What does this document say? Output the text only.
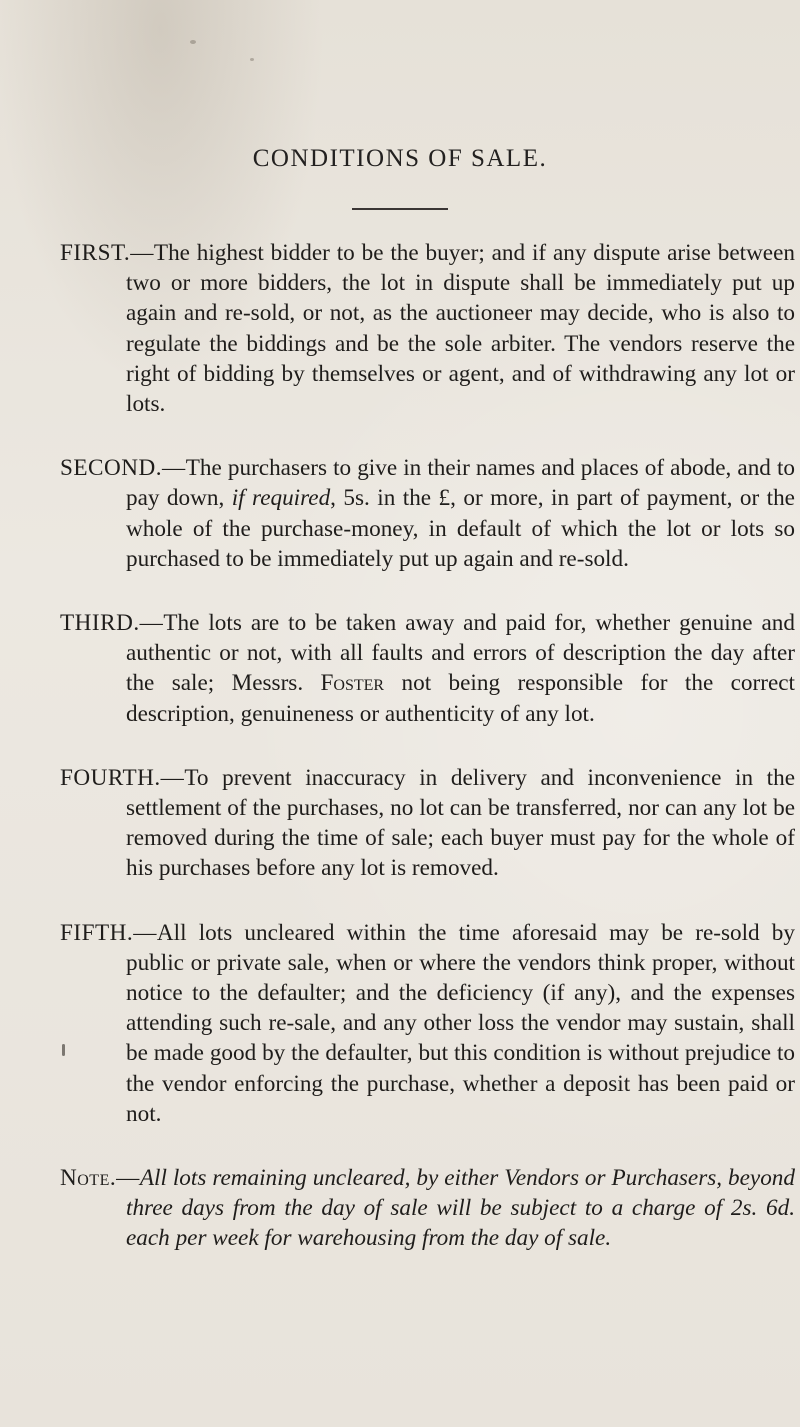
CONDITIONS OF SALE.

FIRST.—The highest bidder to be the buyer; and if any dispute arise between two or more bidders, the lot in dispute shall be immediately put up again and re-sold, or not, as the auctioneer may decide, who is also to regulate the biddings and be the sole arbiter. The vendors reserve the right of bidding by themselves or agent, and of withdrawing any lot or lots.

SECOND.—The purchasers to give in their names and places of abode, and to pay down, if required, 5s. in the £, or more, in part of payment, or the whole of the purchase-money, in default of which the lot or lots so purchased to be immediately put up again and re-sold.

THIRD.—The lots are to be taken away and paid for, whether genuine and authentic or not, with all faults and errors of description the day after the sale; Messrs. Foster not being responsible for the correct description, genuineness or authenticity of any lot.

FOURTH.—To prevent inaccuracy in delivery and inconvenience in the settlement of the purchases, no lot can be transferred, nor can any lot be removed during the time of sale; each buyer must pay for the whole of his purchases before any lot is removed.

FIFTH.—All lots uncleared within the time aforesaid may be re-sold by public or private sale, when or where the vendors think proper, without notice to the defaulter; and the deficiency (if any), and the expenses attending such re-sale, and any other loss the vendor may sustain, shall be made good by the defaulter, but this condition is without prejudice to the vendor enforcing the purchase, whether a deposit has been paid or not.

Note.—All lots remaining uncleared, by either Vendors or Purchasers, beyond three days from the day of sale will be subject to a charge of 2s. 6d. each per week for warehousing from the day of sale.
